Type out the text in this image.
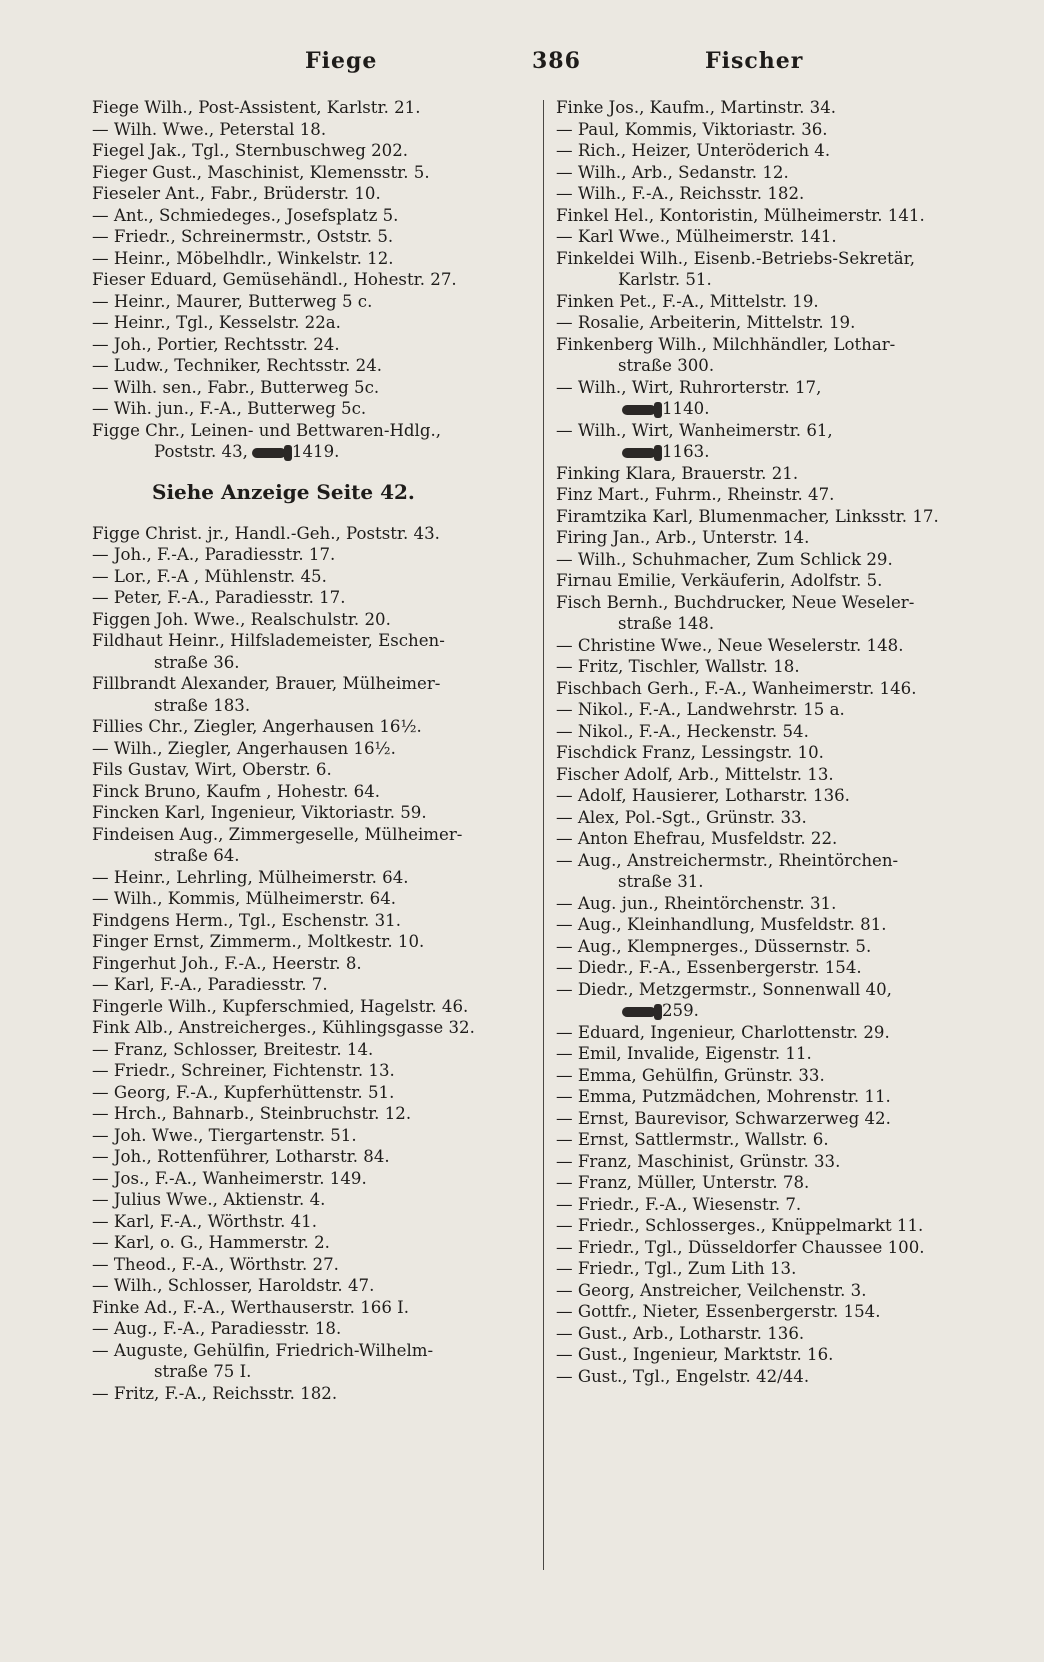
Fiege	386	Fischer
Fiege Wilh., Post-Assistent, Karlstr. 21.
— Wilh. Wwe., Peterstal 18.
Fiegel Jak., Tgl., Sternbuschweg 202.
Fieger Gust., Maschinist, Klemensstr. 5.
Fieseler Ant., Fabr., Brüderstr. 10.
— Ant., Schmiedeges., Josefsplatz 5.
— Friedr., Schreinermstr., Oststr. 5.
— Heinr., Möbelhdlr., Winkelstr. 12.
Fieser Eduard, Gemüsehändl., Hohestr. 27.
— Heinr., Maurer, Butterweg 5 c.
— Heinr., Tgl., Kesselstr. 22a.
— Joh., Portier, Rechtsstr. 24.
— Ludw., Techniker, Rechtsstr. 24.
— Wilh. sen., Fabr., Butterweg 5c.
— Wih. jun., F.-A., Butterweg 5c.
Figge Chr., Leinen- und Bettwaren-Hdlg.,
Poststr. 43,	1419.
Siehe Anzeige Seite 42.
Figge Christ. jr., Handl.-Geh., Poststr. 43.
— Joh., F.-A., Paradiesstr. 17.
— Lor., F.-A , Mühlenstr. 45.
— Peter, F.-A., Paradiesstr. 17.
Figgen Joh. Wwe., Realschulstr. 20.
Fildhaut Heinr., Hilfslademeister, Eschen-
straße 36.
Fillbrandt Alexander, Brauer, Mülheimer-
straße 183.
Fillies Chr., Ziegler, Angerhausen 16½.
— Wilh., Ziegler, Angerhausen 16½.
Fils Gustav, Wirt, Oberstr. 6.
Finck Bruno, Kaufm , Hohestr. 64.
Fincken Karl, Ingenieur, Viktoriastr. 59.
Findeisen Aug., Zimmergeselle, Mülheimer-
straße 64.
— Heinr., Lehrling, Mülheimerstr. 64.
— Wilh., Kommis, Mülheimerstr. 64.
Findgens Herm., Tgl., Eschenstr. 31.
Finger Ernst, Zimmerm., Moltkestr. 10.
Fingerhut Joh., F.-A., Heerstr. 8.
— Karl, F.-A., Paradiesstr. 7.
Fingerle Wilh., Kupferschmied, Hagelstr. 46.
Fink Alb., Anstreicherges., Kühlingsgasse 32.
— Franz, Schlosser, Breitestr. 14.
— Friedr., Schreiner, Fichtenstr. 13.
— Georg, F.-A., Kupferhüttenstr. 51.
— Hrch., Bahnarb., Steinbruchstr. 12.
— Joh. Wwe., Tiergartenstr. 51.
— Joh., Rottenführer, Lotharstr. 84.
— Jos., F.-A., Wanheimerstr. 149.
— Julius Wwe., Aktienstr. 4.
— Karl, F.-A., Wörthstr. 41.
— Karl, o. G., Hammerstr. 2.
— Theod., F.-A., Wörthstr. 27.
— Wilh., Schlosser, Haroldstr. 47.
Finke Ad., F.-A., Werthauserstr. 166 I.
— Aug., F.-A., Paradiesstr. 18.
— Auguste, Gehülfin, Friedrich-Wilhelm-
straße 75 I.
— Fritz, F.-A., Reichsstr. 182.
Finke Jos., Kaufm., Martinstr. 34.
— Paul, Kommis, Viktoriastr. 36.
— Rich., Heizer, Unteröderich 4.
— Wilh., Arb., Sedanstr. 12.
— Wilh., F.-A., Reichsstr. 182.
Finkel Hel., Kontoristin, Mülheimerstr. 141.
— Karl Wwe., Mülheimerstr. 141.
Finkeldei Wilh., Eisenb.-Betriebs-Sekretär,
Karlstr. 51.
Finken Pet., F.-A., Mittelstr. 19.
— Rosalie, Arbeiterin, Mittelstr. 19.
Finkenberg Wilh., Milchhändler, Lothar-
straße 300.
— Wilh., Wirt, Ruhrorterstr. 17,
1140.
— Wilh., Wirt, Wanheimerstr. 61,
1163.
Finking Klara, Brauerstr. 21.
Finz Mart., Fuhrm., Rheinstr. 47.
Firamtzika Karl, Blumenmacher, Linksstr. 17.
Firing Jan., Arb., Unterstr. 14.
— Wilh., Schuhmacher, Zum Schlick 29.
Firnau Emilie, Verkäuferin, Adolfstr. 5.
Fisch Bernh., Buchdrucker, Neue Weseler-
straße 148.
— Christine Wwe., Neue Weselerstr. 148.
— Fritz, Tischler, Wallstr. 18.
Fischbach Gerh., F.-A., Wanheimerstr. 146.
— Nikol., F.-A., Landwehrstr. 15 a.
— Nikol., F.-A., Heckenstr. 54.
Fischdick Franz, Lessingstr. 10.
Fischer Adolf, Arb., Mittelstr. 13.
— Adolf, Hausierer, Lotharstr. 136.
— Alex, Pol.-Sgt., Grünstr. 33.
— Anton Ehefrau, Musfeldstr. 22.
— Aug., Anstreichermstr., Rheintörchen-
straße 31.
— Aug. jun., Rheintörchenstr. 31.
— Aug., Kleinhandlung, Musfeldstr. 81.
— Aug., Klempnerges., Düssernstr. 5.
— Diedr., F.-A., Essenbergerstr. 154.
— Diedr., Metzgermstr., Sonnenwall 40,
259.
— Eduard, Ingenieur, Charlottenstr. 29.
— Emil, Invalide, Eigenstr. 11.
— Emma, Gehülfin, Grünstr. 33.
— Emma, Putzmädchen, Mohrenstr. 11.
— Ernst, Baurevisor, Schwarzerweg 42.
— Ernst, Sattlermstr., Wallstr. 6.
— Franz, Maschinist, Grünstr. 33.
— Franz, Müller, Unterstr. 78.
— Friedr., F.-A., Wiesenstr. 7.
— Friedr., Schlosserges., Knüppelmarkt 11.
— Friedr., Tgl., Düsseldorfer Chaussee 100.
— Friedr., Tgl., Zum Lith 13.
— Georg, Anstreicher, Veilchenstr. 3.
— Gottfr., Nieter, Essenbergerstr. 154.
— Gust., Arb., Lotharstr. 136.
— Gust., Ingenieur, Marktstr. 16.
— Gust., Tgl., Engelstr. 42/44.
